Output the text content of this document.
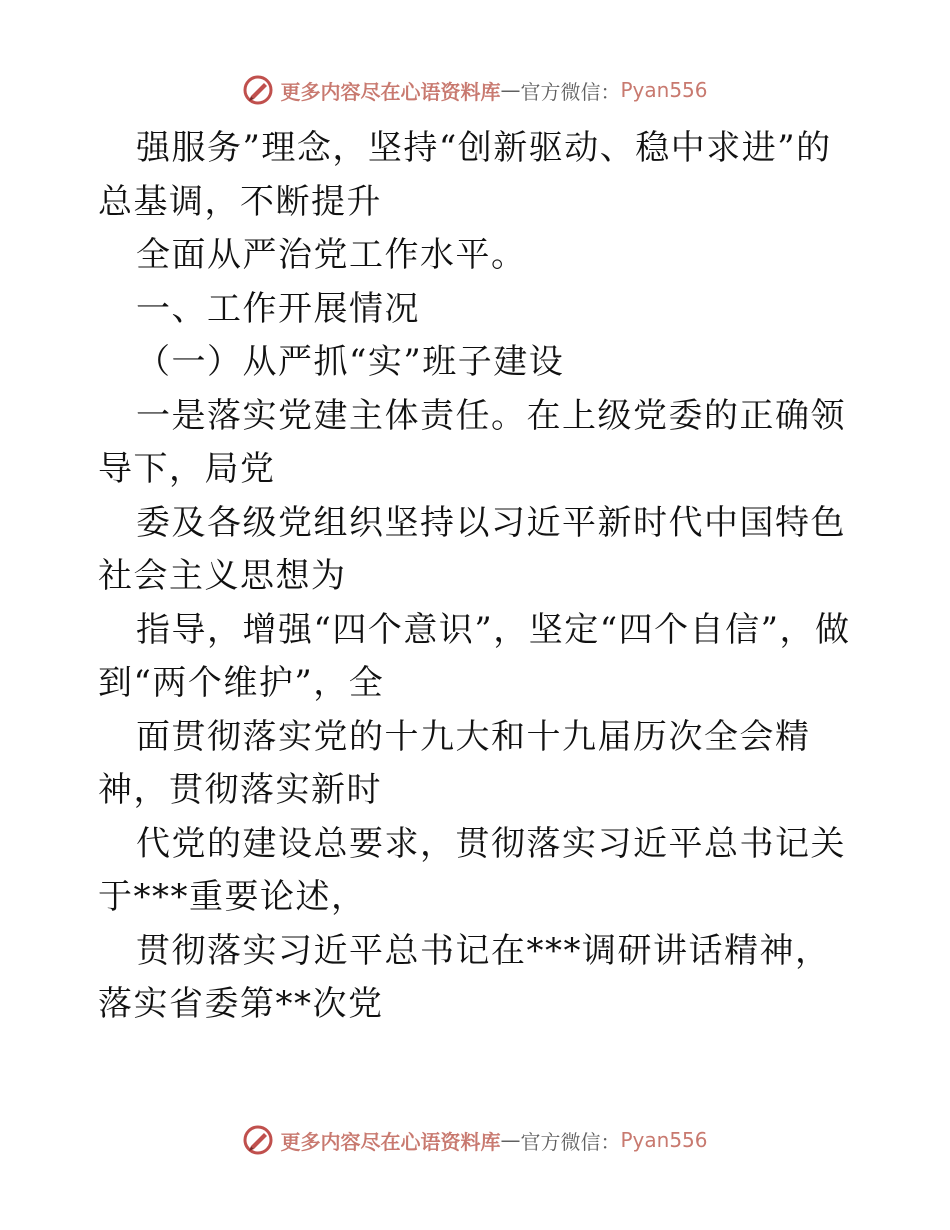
更多内容尽在心语资料库 — 官方微信： Pyan556

强服务”理念，坚持“创新驱动、稳中求进”的总基调，不断提升

全面从严治党工作水平。

一、工作开展情况

（一）从严抓“实”班子建设

一是落实党建主体责任。在上级党委的正确领导下，局党

委及各级党组织坚持以习近平新时代中国特色社会主义思想为

指导，增强“四个意识”，坚定“四个自信”，做到“两个维护”，全

面贯彻落实党的十九大和十九届历次全会精神，贯彻落实新时

代党的建设总要求，贯彻落实习近平总书记关于***重要论述，

贯彻落实习近平总书记在***调研讲话精神，落实省委第**次党

更多内容尽在心语资料库 — 官方微信： Pyan556
